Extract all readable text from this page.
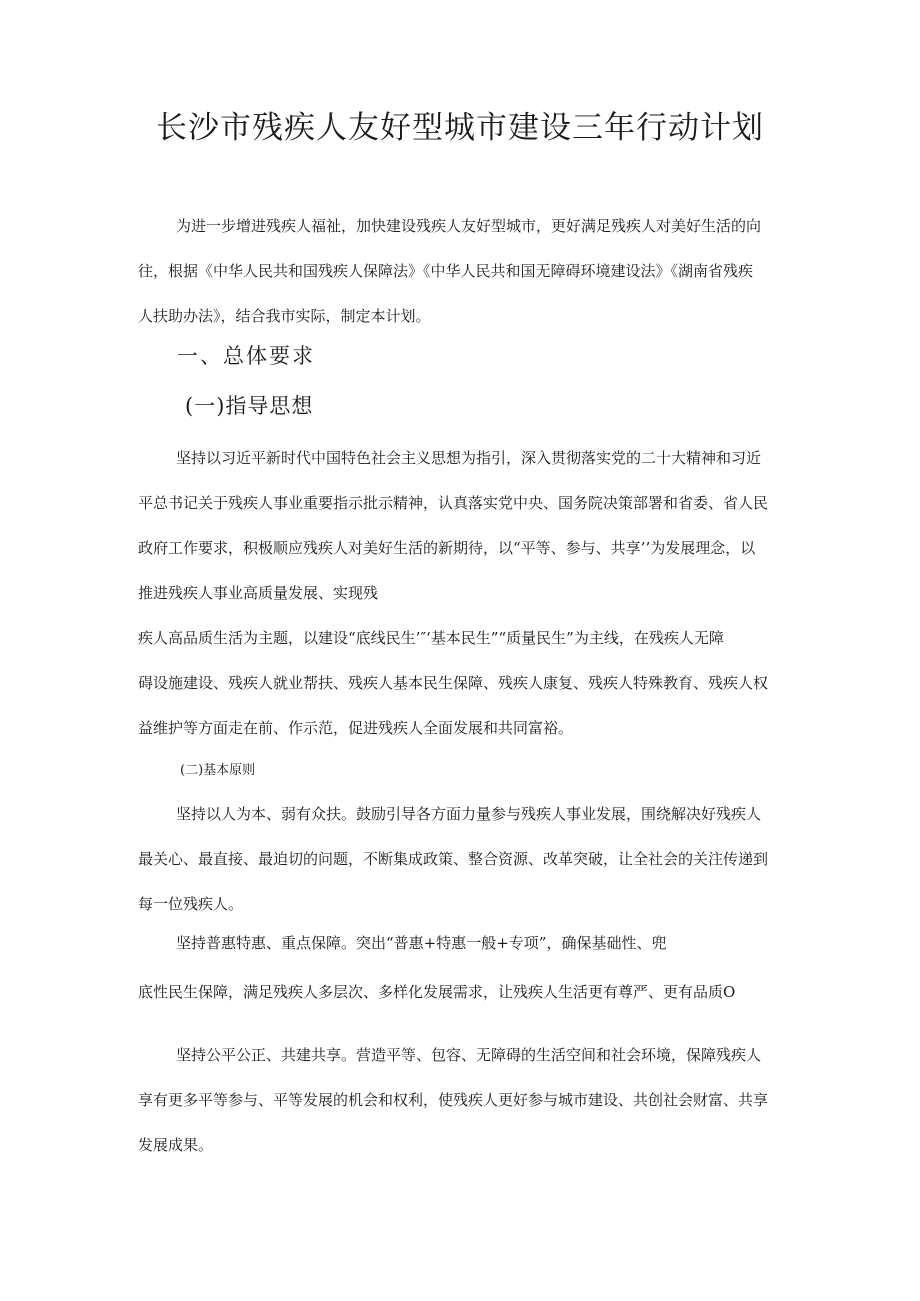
长沙市残疾人友好型城市建设三年行动计划
为进一步增进残疾人福祉，加快建设残疾人友好型城市，更好满足残疾人对美好生活的向
往，根据《中华人民共和国残疾人保障法》《中华人民共和国无障碍环境建设法》《湖南省残疾
人扶助办法》，结合我市实际，制定本计划。
一、总体要求
(一)指导思想
坚持以习近平新时代中国特色社会主义思想为指引，深入贯彻落实党的二十大精神和习近
平总书记关于残疾人事业重要指示批示精神，认真落实党中央、国务院决策部署和省委、省人民
政府工作要求，积极顺应残疾人对美好生活的新期待，以“平等、参与、共享’’为发展理念，以
推进残疾人事业高质量发展、实现残
疾人高品质生活为主题，以建设“底线民生’″‘基本民生”“质量民生”为主线，在残疾人无障
碍设施建设、残疾人就业帮扶、残疾人基本民生保障、残疾人康复、残疾人特殊教育、残疾人权
益维护等方面走在前、作示范，促进残疾人全面发展和共同富裕。
(二)基本原则
坚持以人为本、弱有众扶。鼓励引导各方面力量参与残疾人事业发展，围绕解决好残疾人
最关心、最直接、最迫切的问题，不断集成政策、整合资源、改革突破，让全社会的关注传递到
每一位残疾人。
坚持普惠特惠、重点保障。突出“普惠+特惠一般+专项”，确保基础性、兜
底性民生保障，满足残疾人多层次、多样化发展需求，让残疾人生活更有尊严、更有品质O
坚持公平公正、共建共享。营造平等、包容、无障碍的生活空间和社会环境，保障残疾人
享有更多平等参与、平等发展的机会和权利，使残疾人更好参与城市建设、共创社会财富、共享
发展成果。
